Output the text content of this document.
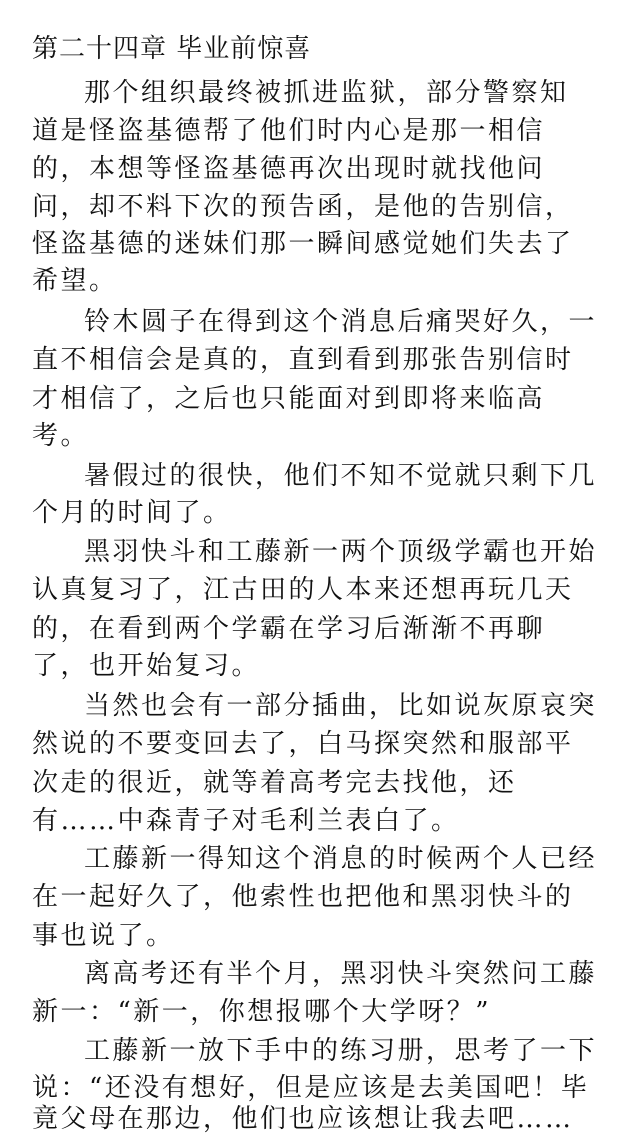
第二十四章 毕业前惊喜
那个组织最终被抓进监狱，部分警察知
道是怪盗基德帮了他们时内心是那一相信
的，本想等怪盗基德再次出现时就找他问
问，却不料下次的预告函，是他的告别信，
怪盗基德的迷妹们那一瞬间感觉她们失去了
希望。
铃木圆子在得到这个消息后痛哭好久，一
直不相信会是真的，直到看到那张告别信时
才相信了，之后也只能面对到即将来临高
考。
暑假过的很快，他们不知不觉就只剩下几
个月的时间了。
黑羽快斗和工藤新一两个顶级学霸也开始
认真复习了，江古田的人本来还想再玩几天
的，在看到两个学霸在学习后渐渐不再聊
了，也开始复习。
当然也会有一部分插曲，比如说灰原哀突
然说的不要变回去了，白马探突然和服部平
次走的很近，就等着高考完去找他，还
有……中森青子对毛利兰表白了。
工藤新一得知这个消息的时候两个人已经
在一起好久了，他索性也把他和黑羽快斗的
事也说了。
离高考还有半个月，黑羽快斗突然问工藤
新一：“新一，你想报哪个大学呀？”
工藤新一放下手中的练习册，思考了一下
说：“还没有想好，但是应该是去美国吧！毕
竟父母在那边，他们也应该想让我去吧……
